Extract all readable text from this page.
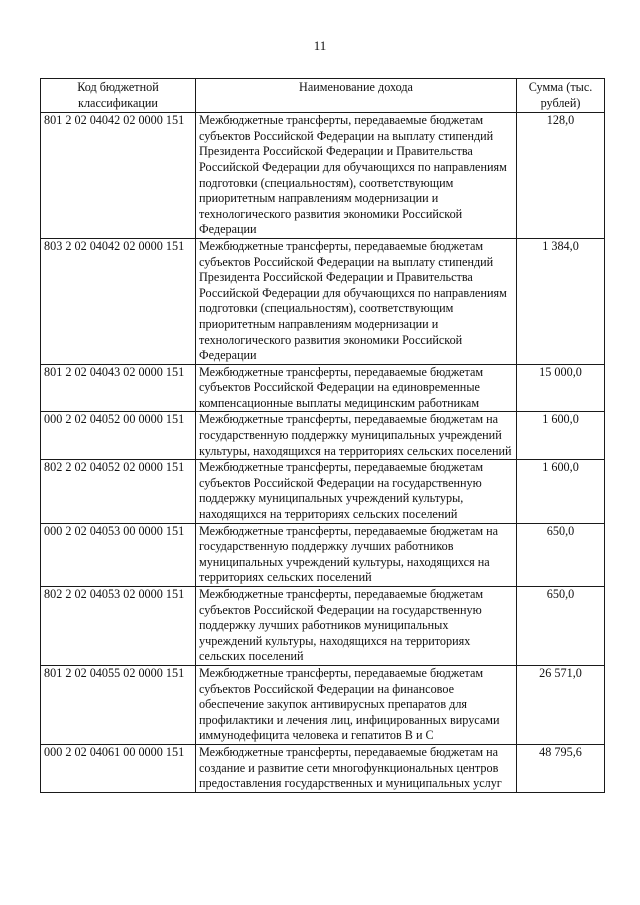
11
Код бюджетной классификации	Наименование дохода	Сумма (тыс. рублей)
801 2 02 04042 02 0000 151	Межбюджетные трансферты, передаваемые бюджетам субъектов Российской Федерации на выплату стипендий Президента Российской Федерации и Правительства Российской Федерации для обучающихся по направлениям подготовки (специальностям), соответствующим приоритетным направлениям модернизации и технологического развития экономики Российской Федерации	128,0
803 2 02 04042 02 0000 151	Межбюджетные трансферты, передаваемые бюджетам субъектов Российской Федерации на выплату стипендий Президента Российской Федерации и Правительства Российской Федерации для обучающихся по направлениям подготовки (специальностям), соответствующим приоритетным направлениям модернизации и технологического развития экономики Российской Федерации	1 384,0
801 2 02 04043 02 0000 151	Межбюджетные трансферты, передаваемые бюджетам субъектов Российской Федерации на единовременные компенсационные выплаты медицинским работникам	15 000,0
000 2 02 04052 00 0000 151	Межбюджетные трансферты, передаваемые бюджетам на государственную поддержку муниципальных учреждений культуры, находящихся на территориях сельских поселений	1 600,0
802 2 02 04052 02 0000 151	Межбюджетные трансферты, передаваемые бюджетам субъектов Российской Федерации на государственную поддержку муниципальных учреждений культуры, находящихся на территориях сельских поселений	1 600,0
000 2 02 04053 00 0000 151	Межбюджетные трансферты, передаваемые бюджетам на государственную поддержку лучших работников муниципальных учреждений культуры, находящихся на территориях сельских поселений	650,0
802 2 02 04053 02 0000 151	Межбюджетные трансферты, передаваемые бюджетам субъектов Российской Федерации на государственную поддержку лучших работников муниципальных учреждений культуры, находящихся на территориях сельских поселений	650,0
801 2 02 04055 02 0000 151	Межбюджетные трансферты, передаваемые бюджетам субъектов Российской Федерации на финансовое обеспечение закупок антивирусных препаратов для профилактики и лечения лиц, инфицированных вирусами иммунодефицита человека и гепатитов В и С	26 571,0
000 2 02 04061 00 0000 151	Межбюджетные трансферты, передаваемые бюджетам на создание и развитие сети многофункциональных центров предоставления государственных и муниципальных услуг	48 795,6
